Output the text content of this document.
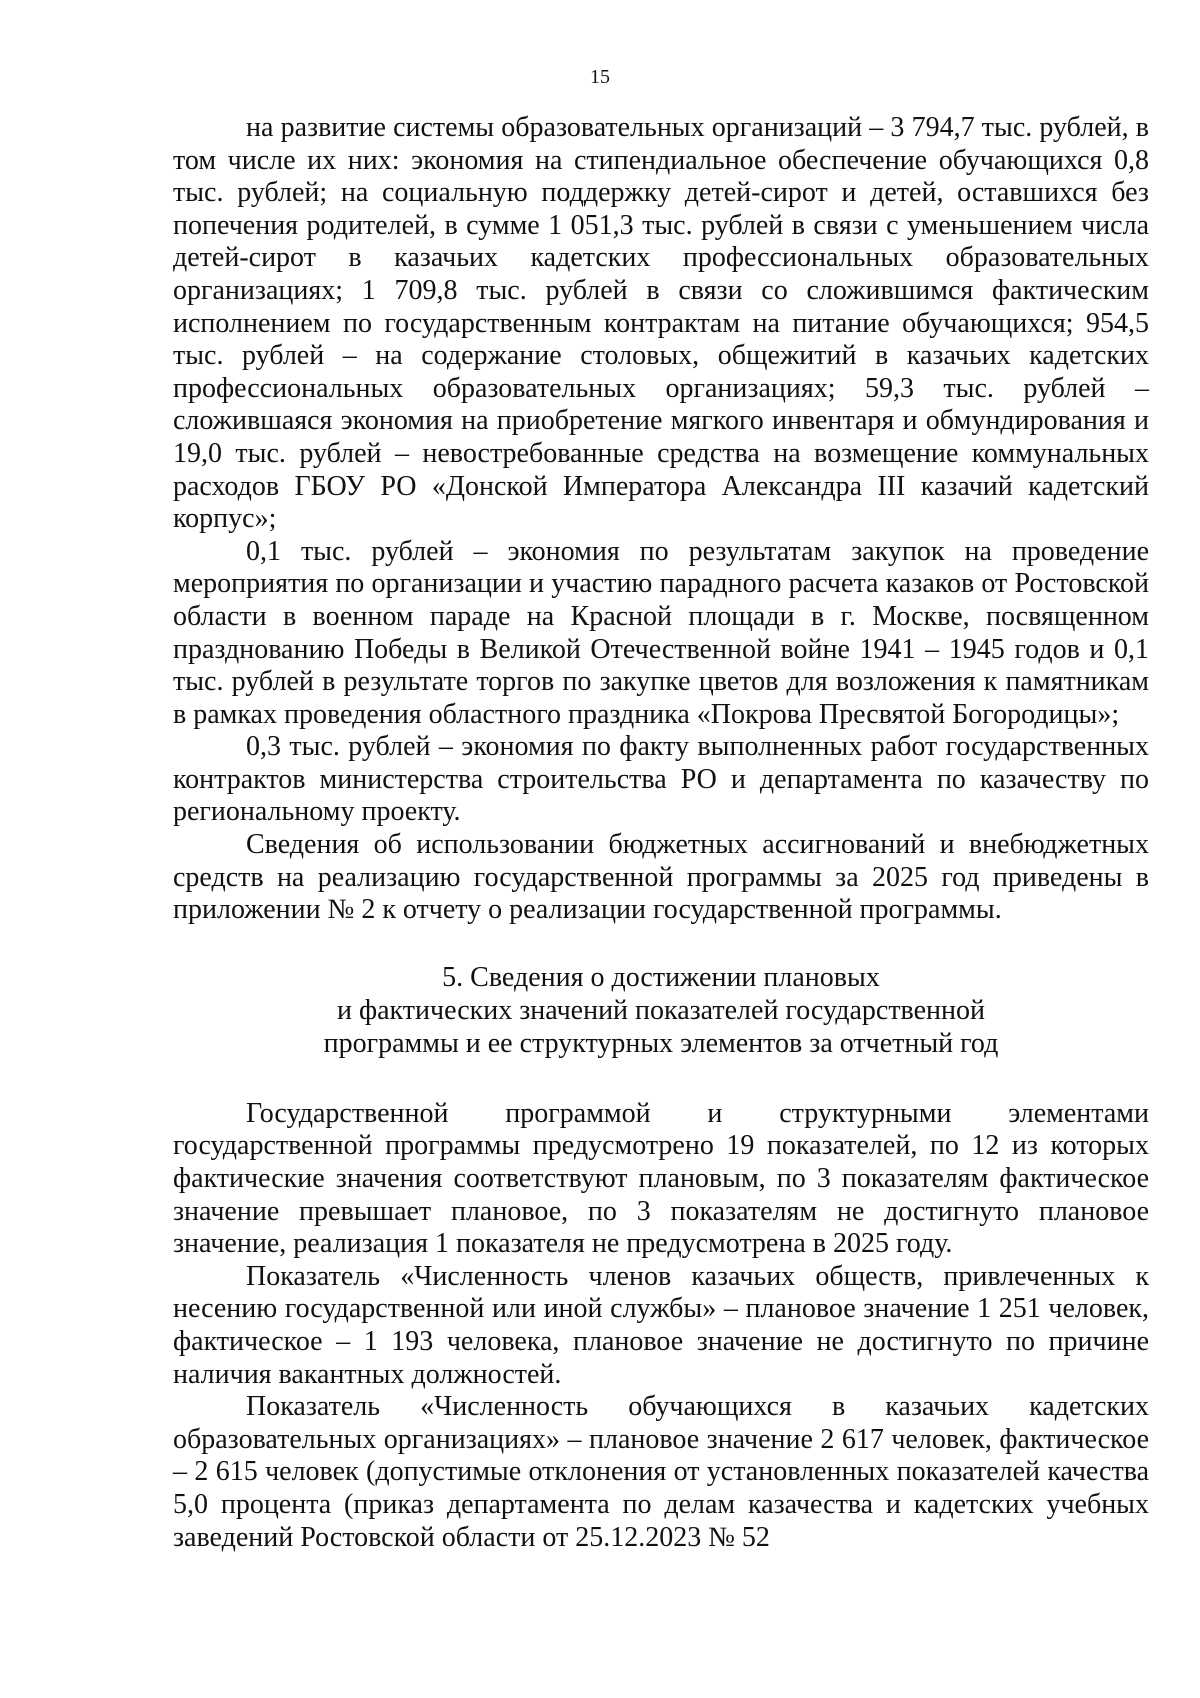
15

на развитие системы образовательных организаций – 3 794,7 тыс. рублей, в том числе их них: экономия на стипендиальное обеспечение обучающихся 0,8 тыс. рублей; на социальную поддержку детей-сирот и детей, оставшихся без попечения родителей, в сумме 1 051,3 тыс. рублей в связи с уменьшением числа детей-сирот в казачьих кадетских профессиональных образовательных организациях; 1 709,8 тыс. рублей в связи со сложившимся фактическим исполнением по государственным контрактам на питание обучающихся; 954,5 тыс. рублей – на содержание столовых, общежитий в казачьих кадетских профессиональных образовательных организациях; 59,3 тыс. рублей – сложившаяся экономия на приобретение мягкого инвентаря и обмундирования и 19,0 тыс. рублей – невостребованные средства на возмещение коммунальных расходов ГБОУ РО «Донской Императора Александра III казачий кадетский корпус»;

0,1 тыс. рублей – экономия по результатам закупок на проведение мероприятия по организации и участию парадного расчета казаков от Ростовской области в военном параде на Красной площади в г. Москве, посвященном празднованию Победы в Великой Отечественной войне 1941 – 1945 годов и 0,1 тыс. рублей в результате торгов по закупке цветов для возложения к памятникам в рамках проведения областного праздника «Покрова Пресвятой Богородицы»;

0,3 тыс. рублей – экономия по факту выполненных работ государственных контрактов министерства строительства РО и департамента по казачеству по региональному проекту.

Сведения об использовании бюджетных ассигнований и внебюджетных средств на реализацию государственной программы за 2025 год приведены в приложении № 2 к отчету о реализации государственной программы.

5. Сведения о достижении плановых
и фактических значений показателей государственной
программы и ее структурных элементов за отчетный год

Государственной программой и структурными элементами государственной программы предусмотрено 19 показателей, по 12 из которых фактические значения соответствуют плановым, по 3 показателям фактическое значение превышает плановое, по 3 показателям не достигнуто плановое значение, реализация 1 показателя не предусмотрена в 2025 году.

Показатель «Численность членов казачьих обществ, привлеченных к несению государственной или иной службы» – плановое значение 1 251 человек, фактическое – 1 193 человека, плановое значение не достигнуто по причине наличия вакантных должностей.

Показатель «Численность обучающихся в казачьих кадетских образовательных организациях» – плановое значение 2 617 человек, фактическое – 2 615 человек (допустимые отклонения от установленных показателей качества 5,0 процента (приказ департамента по делам казачества и кадетских учебных заведений Ростовской области от 25.12.2023 № 52
